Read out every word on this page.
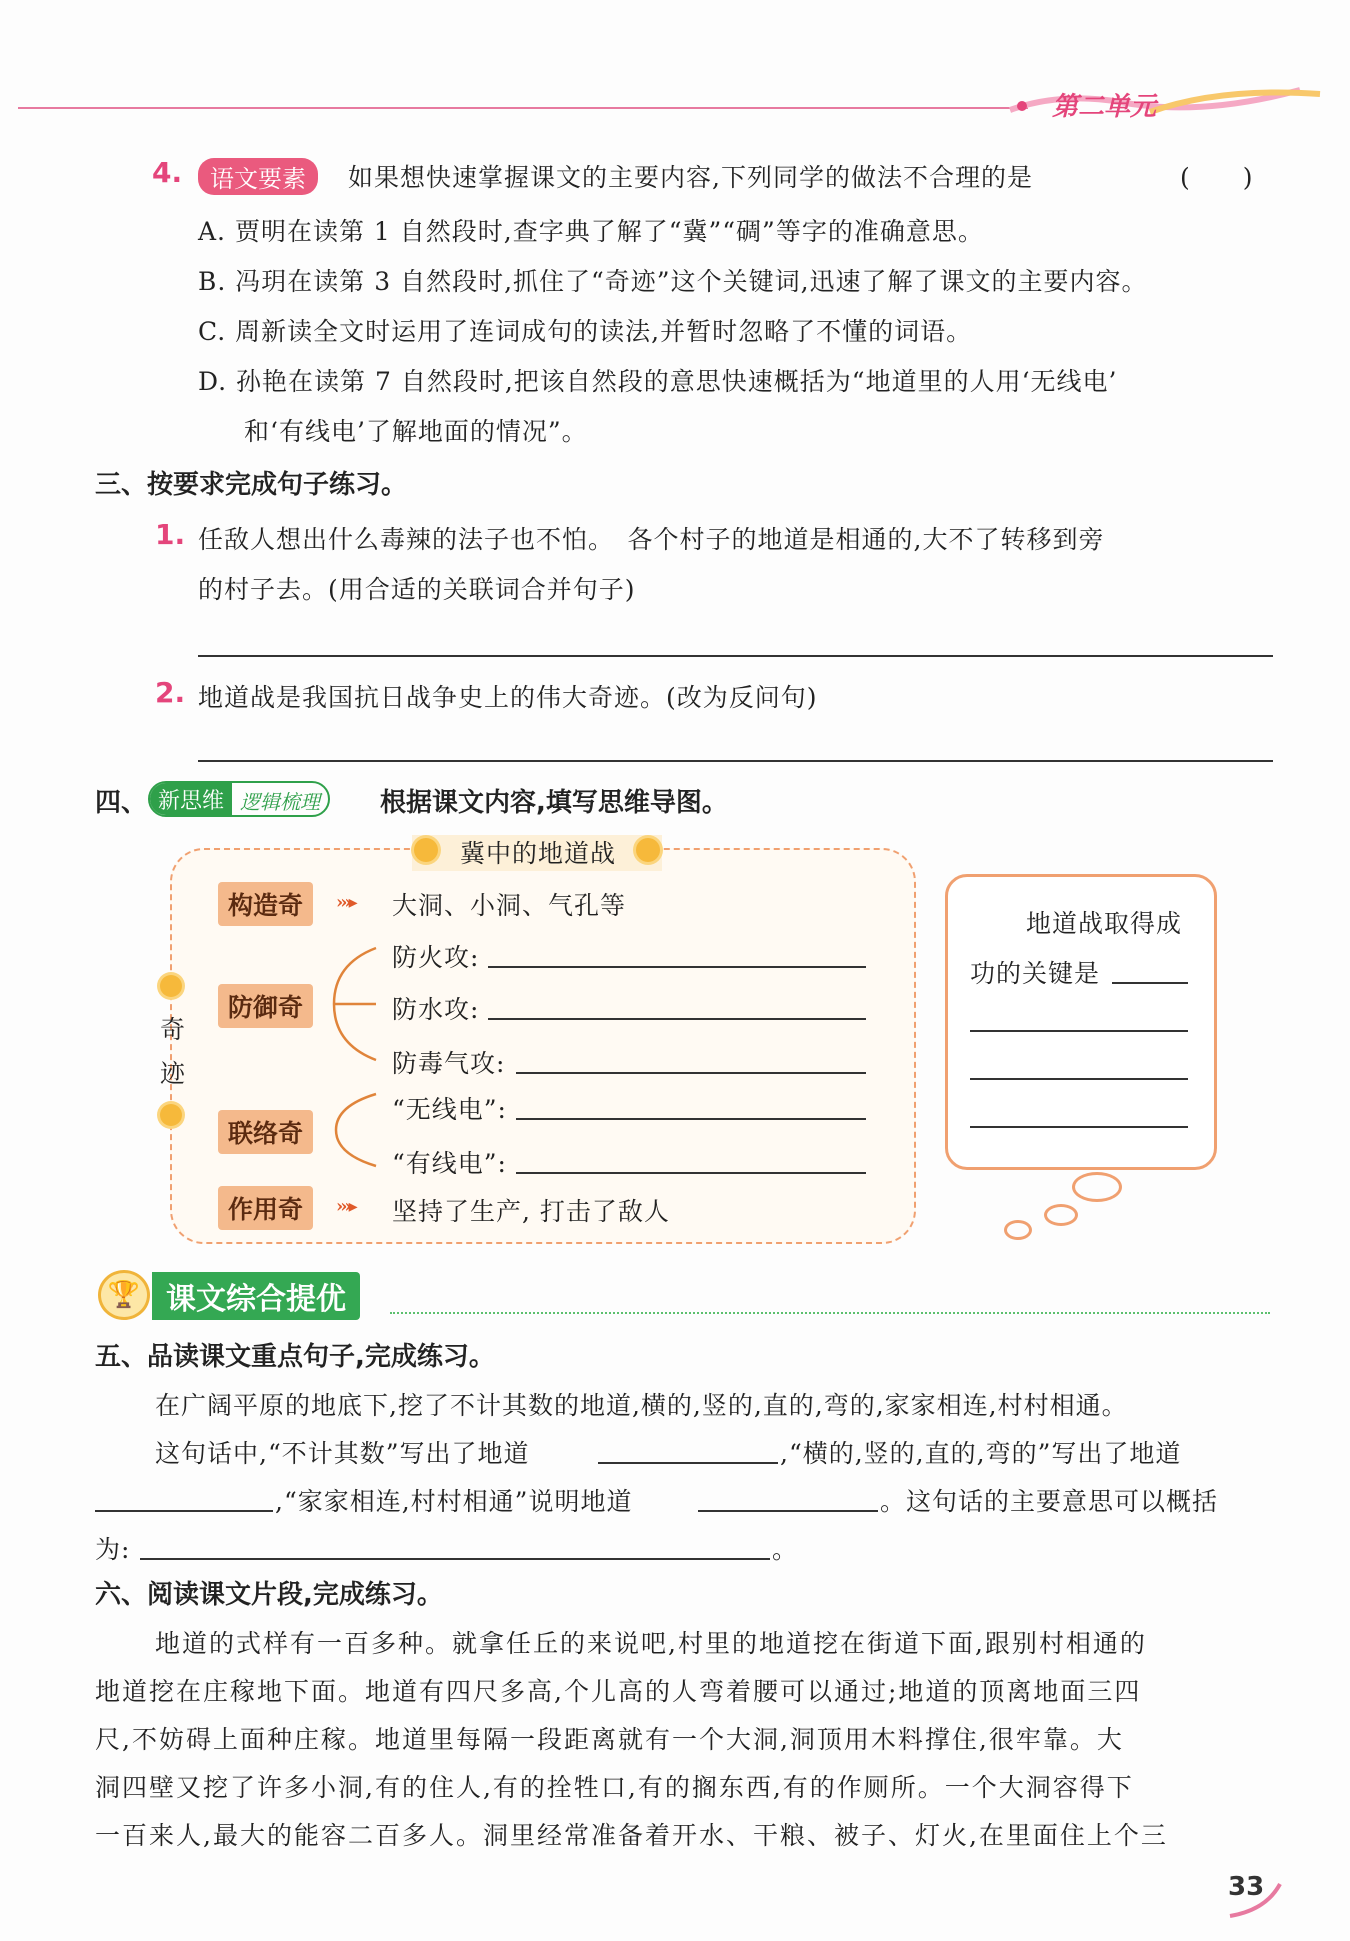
第二单元
4.	语文要素	如果想快速掌握课文的主要内容,下列同学的做法不合理的是	(　　)
A. 贾明在读第 1 自然段时,查字典了解了“冀”“碉”等字的准确意思。
B. 冯玥在读第 3 自然段时,抓住了“奇迹”这个关键词,迅速了解了课文的主要内容。
C. 周新读全文时运用了连词成句的读法,并暂时忽略了不懂的词语。
D. 孙艳在读第 7 自然段时,把该自然段的意思快速概括为“地道里的人用‘无线电’
和‘有线电’了解地面的情况”。
三、按要求完成句子练习。
1. 任敌人想出什么毒辣的法子也不怕。　各个村子的地道是相通的,大不了转移到旁
的村子去。(用合适的关联词合并句子)
2. 地道战是我国抗日战争史上的伟大奇迹。(改为反问句)
四、 新思维 逻辑梳理	根据课文内容,填写思维导图。
冀中的地道战
奇
迹
构造奇	›››▸ 大洞、小洞、气孔等
防御奇
防火攻:
防水攻:
防毒气攻:
联络奇
“无线电”:
“有线电”:
作用奇	›››▸ 坚持了生产, 打击了敌人
地道战取得成
功的关键是
🏆 课文综合提优
五、品读课文重点句子,完成练习。
在广阔平原的地底下,挖了不计其数的地道,横的,竖的,直的,弯的,家家相连,村村相通。
这句话中,“不计其数”写出了地道	,“横的,竖的,直的,弯的”写出了地道
,“家家相连,村村相通”说明地道	。这句话的主要意思可以概括
为:	。
六、阅读课文片段,完成练习。
地道的式样有一百多种。就拿任丘的来说吧,村里的地道挖在街道下面,跟别村相通的
地道挖在庄稼地下面。地道有四尺多高,个儿高的人弯着腰可以通过;地道的顶离地面三四
尺,不妨碍上面种庄稼。地道里每隔一段距离就有一个大洞,洞顶用木料撑住,很牢靠。大
洞四壁又挖了许多小洞,有的住人,有的拴牲口,有的搁东西,有的作厕所。一个大洞容得下
一百来人,最大的能容二百多人。洞里经常准备着开水、干粮、被子、灯火,在里面住上个三
33
